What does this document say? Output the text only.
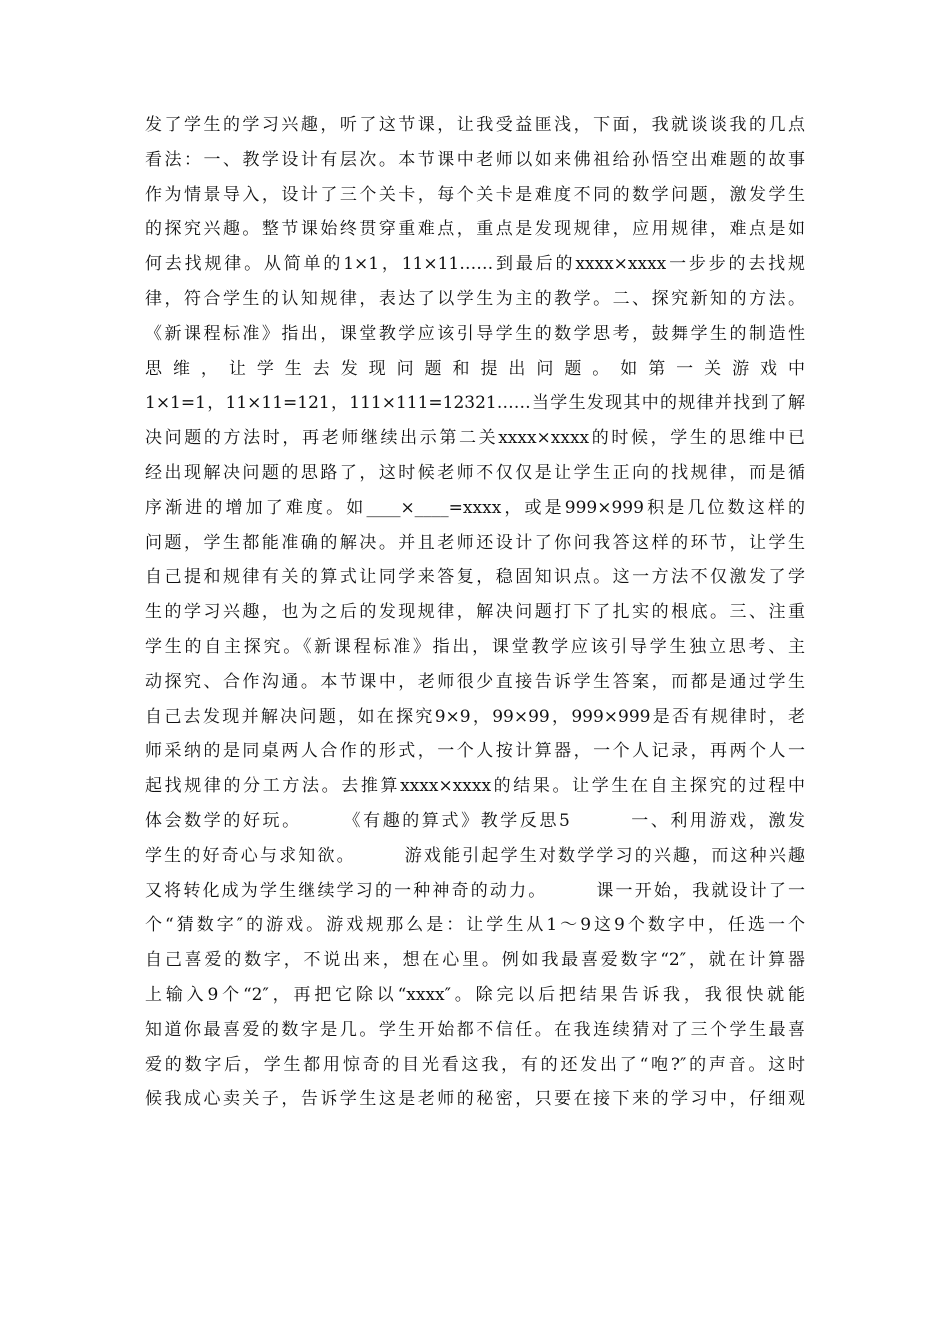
发了学生的学习兴趣，听了这节课，让我受益匪浅，下面，我就谈谈我的几点
看法：一、教学设计有层次。本节课中老师以如来佛祖给孙悟空出难题的故事
作为情景导入，设计了三个关卡，每个关卡是难度不同的数学问题，激发学生
的探究兴趣。整节课始终贯穿重难点，重点是发现规律，应用规律，难点是如
何去找规律。从简单的1×1，11×11……到最后的xxxx×xxxx一步步的去找规
律，符合学生的认知规律，表达了以学生为主的教学。二、探究新知的方法。
《新课程标准》指出，课堂教学应该引导学生的数学思考，鼓舞学生的制造性
思 维 ， 让 学 生 去 发 现 问 题 和 提 出 问 题 。 如 第 一 关 游 戏 中
1×1=1，11×11=121，111×111=12321……当学生发现其中的规律并找到了解
决问题的方法时，再老师继续出示第二关xxxx×xxxx的时候，学生的思维中已
经出现解决问题的思路了，这时候老师不仅仅是让学生正向的找规律，而是循
序渐进的增加了难度。如____×____=xxxx，或是999×999积是几位数这样的
问题，学生都能准确的解决。并且老师还设计了你问我答这样的环节，让学生
自己提和规律有关的算式让同学来答复，稳固知识点。这一方法不仅激发了学
生的学习兴趣，也为之后的发现规律，解决问题打下了扎实的根底。三、注重
学生的自主探究。《新课程标准》指出，课堂教学应该引导学生独立思考、主
动探究、合作沟通。本节课中，老师很少直接告诉学生答案，而都是通过学生
自己去发现并解决问题，如在探究9×9，99×99，999×999是否有规律时，老
师采纳的是同桌两人合作的形式，一个人按计算器，一个人记录，再两个人一
起找规律的分工方法。去推算xxxx×xxxx的结果。让学生在自主探究的过程中
体会数学的好玩。　　　《有趣的算式》教学反思5　　　一、利用游戏，激发
学生的好奇心与求知欲。　　　游戏能引起学生对数学学习的兴趣，而这种兴趣
又将转化成为学生继续学习的一种神奇的动力。　　　课一开始，我就设计了一
个“猜数字″的游戏。游戏规那么是：让学生从1～9这9个数字中，任选一个
自己喜爱的数字，不说出来，想在心里。例如我最喜爱数字“2″，就在计算器
上输入9个“2″，再把它除以“xxxx″。除完以后把结果告诉我，我很快就能
知道你最喜爱的数字是几。学生开始都不信任。在我连续猜对了三个学生最喜
爱的数字后，学生都用惊奇的目光看这我，有的还发出了“咆?″的声音。这时
候我成心卖关子，告诉学生这是老师的秘密，只要在接下来的学习中，仔细观
